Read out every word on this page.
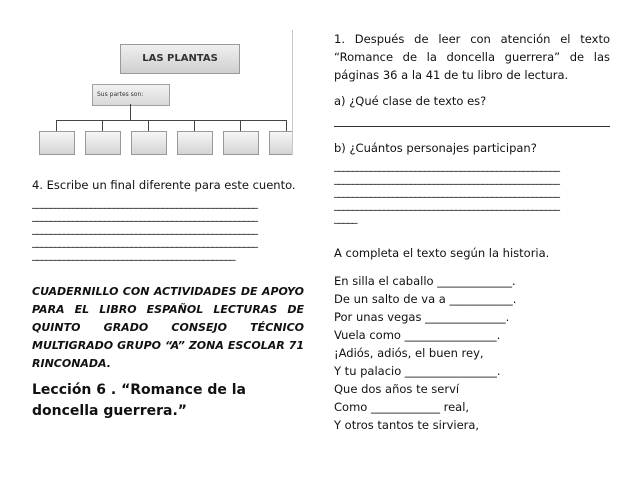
LAS PLANTAS
Sus partes son:
1. Después de leer con atención el texto “Romance de la doncella guerrera” de las páginas 36 a la 41 de tu libro de lectura.
a) ¿Qué clase de texto es?
b) ¿Cuántos personajes participan?
__________________________________________________
__________________________________________________
__________________________________________________
__________________________________________________
_____
A completa el texto según la historia.
En silla el caballo _____________.
De un salto de va a ___________.
Por unas vegas ______________.
Vuela como ________________.
¡Adiós, adiós, el buen rey,
Y tu palacio ________________.
Que dos años te serví
Como ____________ real,
Y otros tantos te sirviera,
4. Escribe un final diferente para este cuento.
__________________________________________________
__________________________________________________
__________________________________________________
__________________________________________________
_____________________________________________
CUADERNILLO CON ACTIVIDADES DE APOYO PARA EL LIBRO ESPAÑOL LECTURAS DE QUINTO GRADO CONSEJO TÉCNICO MULTIGRADO GRUPO “A” ZONA ESCOLAR 71 RINCONADA.
Lección 6 . “Romance de la doncella guerrera.”
